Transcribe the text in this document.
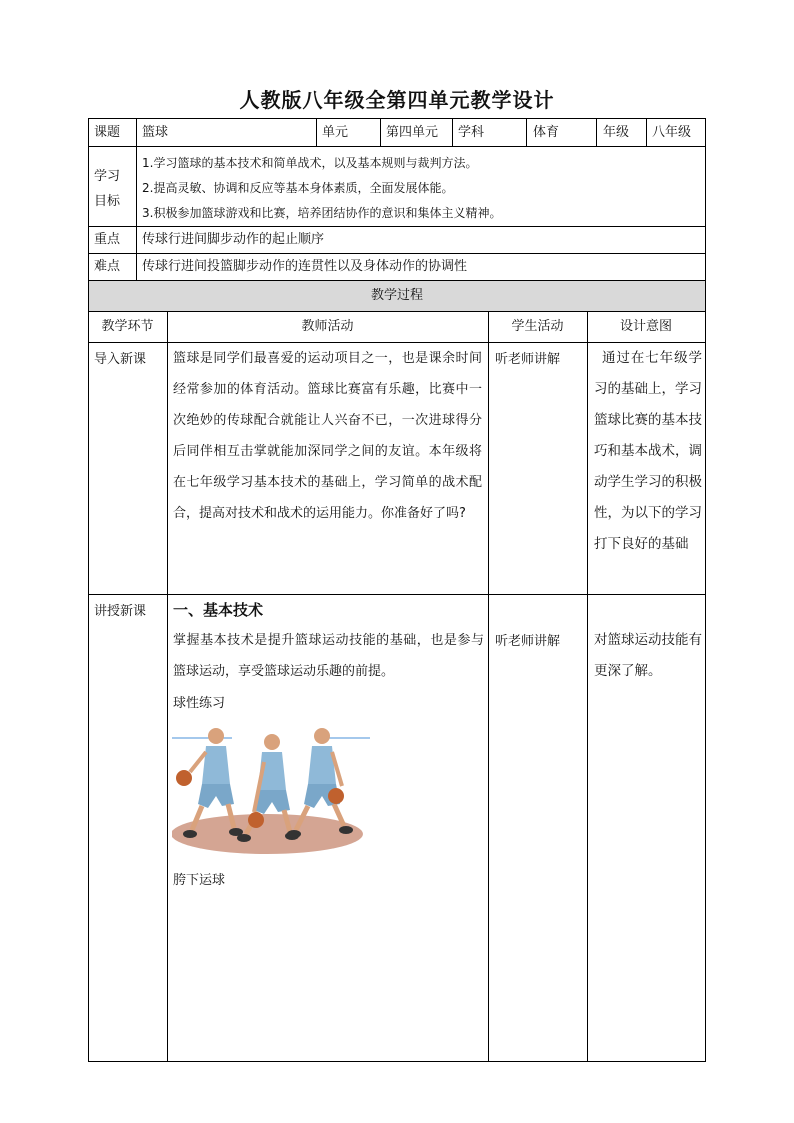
人教版八年级全第四单元教学设计
课题 篮球	单元	第四单元 学科	体育	年级 八年级
学习
目标
1.学习篮球的基本技术和简单战术，以及基本规则与裁判方法。
2.提高灵敏、协调和反应等基本身体素质，全面发展体能。
3.积极参加篮球游戏和比赛，培养团结协作的意识和集体主义精神。
重点 传球行进间脚步动作的起止顺序
难点 传球行进间投篮脚步动作的连贯性以及身体动作的协调性
教学过程
教学环节	教师活动	学生活动	设计意图
导入新课 篮球是同学们最喜爱的运动项目之一，也是课余时间经常参加的体育活动。篮球比赛富有乐趣，比赛中一次绝妙的传球配合就能让人兴奋不已，一次进球得分后同伴相互击掌就能加深同学之间的友谊。本年级将在七年级学习基本技术的基础上，学习简单的战术配合，提高对技术和战术的运用能力。你准备好了吗?
听老师讲解	通过在七年级学习的基础上，学习篮球比赛的基本技巧和基本战术，调动学生学习的积极性，为以下的学习打下良好的基础
讲授新课 一、基本技术
掌握基本技术是提升篮球运动技能的基础，也是参与篮球运动，享受篮球运动乐趣的前提。
球性练习
胯下运球
听老师讲解	对篮球运动技能有更深了解。
